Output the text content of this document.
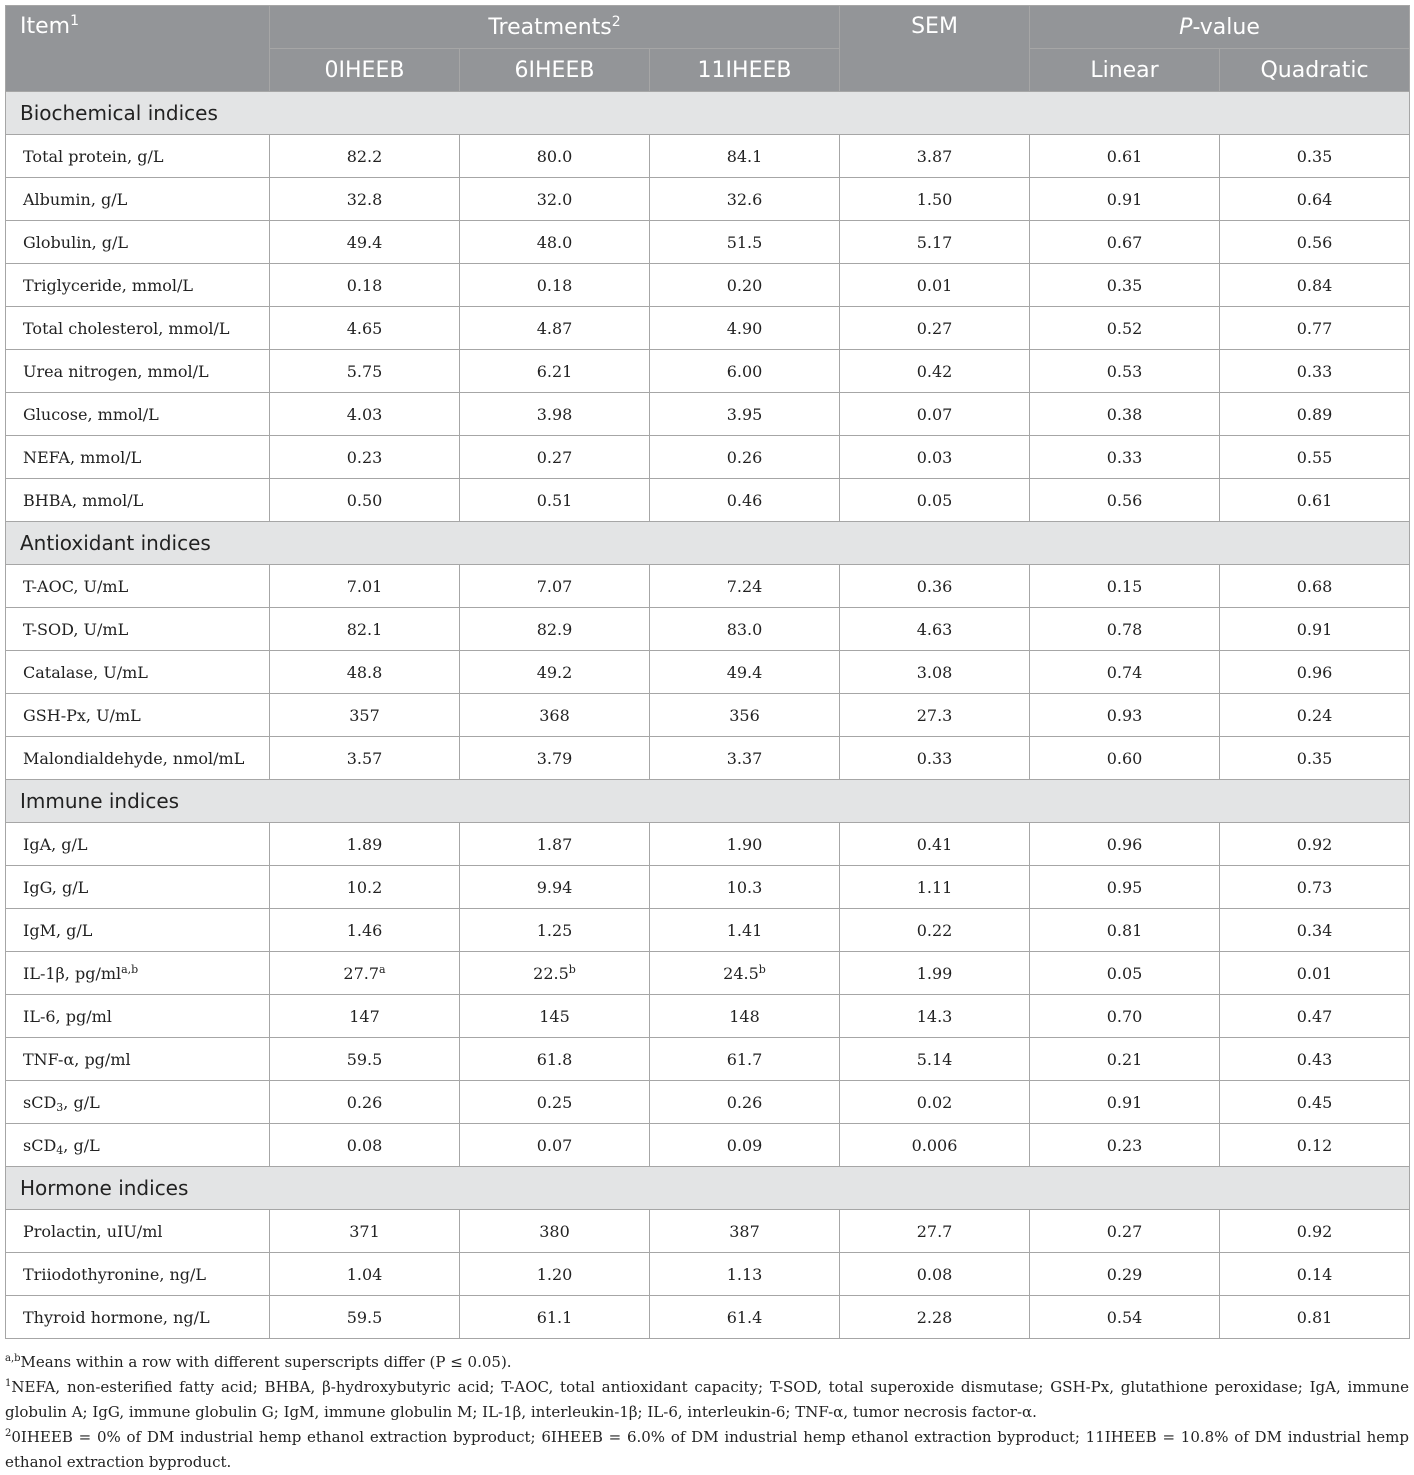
Item$^1$	Treatments$^2$			SEM	P-value	
	0IHEEB	6IHEEB	11IHEEB		Linear	Quadratic
Biochemical indices						
Total protein, g/L	82.2	80.0	84.1	3.87	0.61	0.35
Albumin, g/L	32.8	32.0	32.6	1.50	0.91	0.64
Globulin, g/L	49.4	48.0	51.5	5.17	0.67	0.56
Triglyceride, mmol/L	0.18	0.18	0.20	0.01	0.35	0.84
Total cholesterol, mmol/L	4.65	4.87	4.90	0.27	0.52	0.77
Urea nitrogen, mmol/L	5.75	6.21	6.00	0.42	0.53	0.33
Glucose, mmol/L	4.03	3.98	3.95	0.07	0.38	0.89
NEFA, mmol/L	0.23	0.27	0.26	0.03	0.33	0.55
BHBA, mmol/L	0.50	0.51	0.46	0.05	0.56	0.61
Antioxidant indices						
T-AOC, U/mL	7.01	7.07	7.24	0.36	0.15	0.68
T-SOD, U/mL	82.1	82.9	83.0	4.63	0.78	0.91
Catalase, U/mL	48.8	49.2	49.4	3.08	0.74	0.96
GSH-Px, U/mL	357	368	356	27.3	0.93	0.24
Malondialdehyde, nmol/mL	3.57	3.79	3.37	0.33	0.60	0.35
Immune indices						
IgA, g/L	1.89	1.87	1.90	0.41	0.96	0.92
IgG, g/L	10.2	9.94	10.3	1.11	0.95	0.73
IgM, g/L	1.46	1.25	1.41	0.22	0.81	0.34
IL-1β, pg/ml$^{a,b}$	27.7$^a$	22.5$^b$	24.5$^b$	1.99	0.05	0.01
IL-6, pg/ml	147	145	148	14.3	0.70	0.47
TNF-α, pg/ml	59.5	61.8	61.7	5.14	0.21	0.43
sCD$_3$, g/L	0.26	0.25	0.26	0.02	0.91	0.45
sCD$_4$, g/L	0.08	0.07	0.09	0.006	0.23	0.12
Hormone indices						
Prolactin, uIU/ml	371	380	387	27.7	0.27	0.92
Triiodothyronine, ng/L	1.04	1.20	1.13	0.08	0.29	0.14
Thyroid hormone, ng/L	59.5	61.1	61.4	2.28	0.54	0.81

$^{a,b}$Means within a row with different superscripts differ (P ≤ 0.05).

$^1$NEFA, non-esterified fatty acid; BHBA, β-hydroxybutyric acid; T-AOC, total antioxidant capacity; T-SOD, total superoxide dismutase; GSH-Px, glutathione peroxidase; IgA, immune globulin A; IgG, immune globulin G; IgM, immune globulin M; IL-1β, interleukin-1β; IL-6, interleukin-6; TNF-α, tumor necrosis factor-α.

$^2$0IHEEB = 0% of DM industrial hemp ethanol extraction byproduct; 6IHEEB = 6.0% of DM industrial hemp ethanol extraction byproduct; 11IHEEB = 10.8% of DM industrial hemp ethanol extraction byproduct.
